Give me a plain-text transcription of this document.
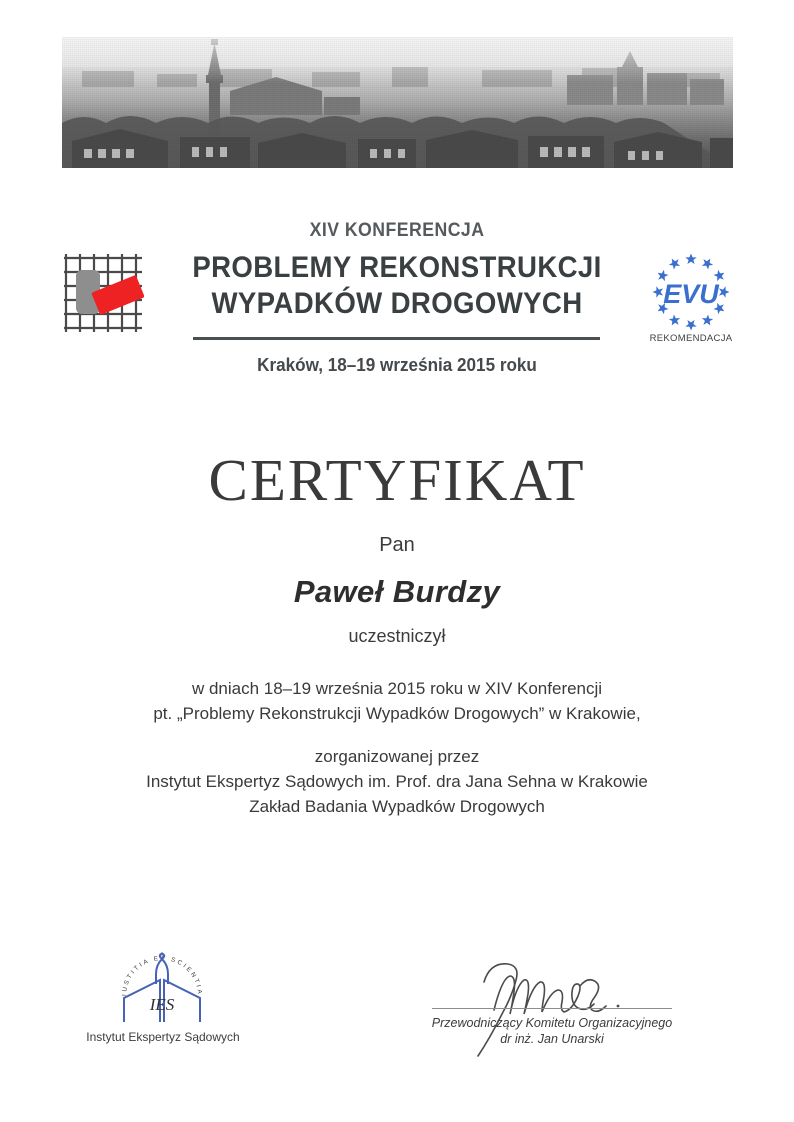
XIV KONFERENCJA
PROBLEMY REKONSTRUKCJI
WYPADKÓW DROGOWYCH
Kraków, 18–19 września 2015 roku
EVU
REKOMENDACJA
CERTYFIKAT
Pan
Paweł Burdzy
uczestniczył
w dniach 18–19 września 2015 roku w XIV Konferencji
pt. „Problemy Rekonstrukcji Wypadków Drogowych” w Krakowie,
zorganizowanej przez
Instytut Ekspertyz Sądowych im. Prof. dra Jana Sehna w Krakowie
Zakład Badania Wypadków Drogowych
IUSTITIA ET SCIENTIA
IES
Instytut Ekspertyz Sądowych
Przewodniczący Komitetu Organizacyjnego
dr inż. Jan Unarski
